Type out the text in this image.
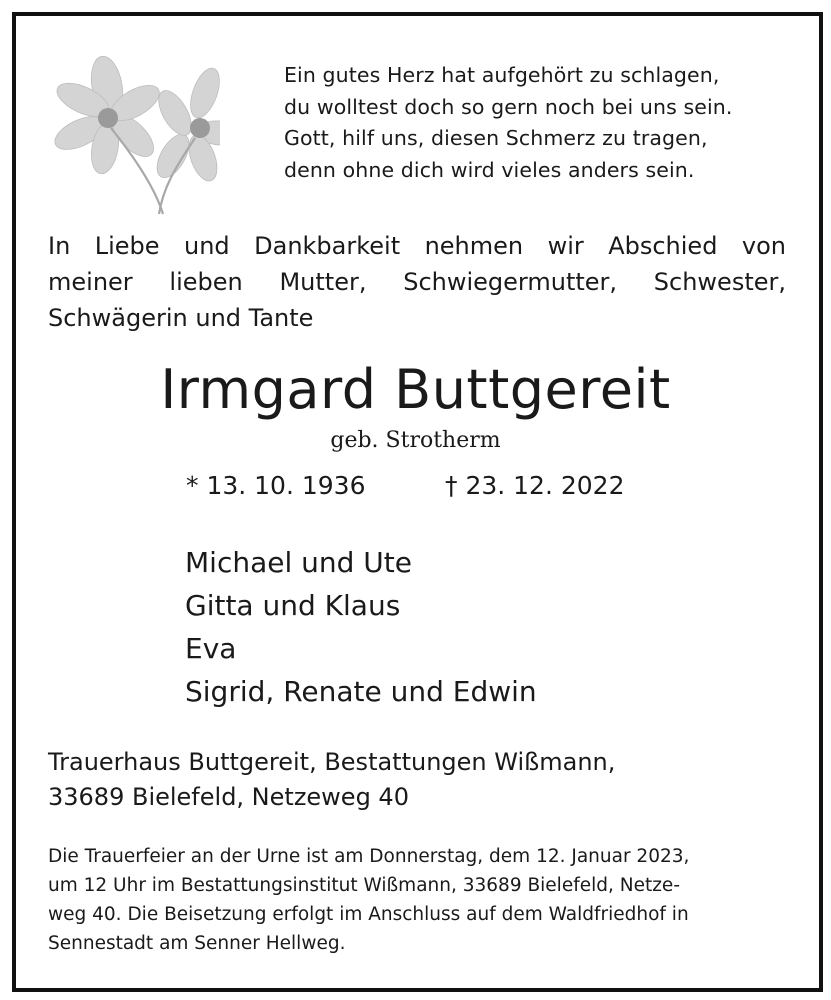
Ein gutes Herz hat aufgehört zu schlagen,
du wolltest doch so gern noch bei uns sein.
Gott, hilf uns, diesen Schmerz zu tragen,
denn ohne dich wird vieles anders sein.
In Liebe und Dankbarkeit nehmen wir Abschied von
meiner lieben Mutter, Schwiegermutter, Schwester,
Schwägerin und Tante
Irmgard Buttgereit
geb. Strotherm
* 13. 10. 1936	† 23. 12. 2022
Michael und Ute
Gitta und Klaus
Eva
Sigrid, Renate und Edwin
Trauerhaus Buttgereit, Bestattungen Wißmann,
33689 Bielefeld, Netzeweg 40
Die Trauerfeier an der Urne ist am Donnerstag, dem 12. Januar 2023,
um 12 Uhr im Bestattungsinstitut Wißmann, 33689 Bielefeld, Netze-
weg 40. Die Beisetzung erfolgt im Anschluss auf dem Waldfriedhof in
Sennestadt am Senner Hellweg.
